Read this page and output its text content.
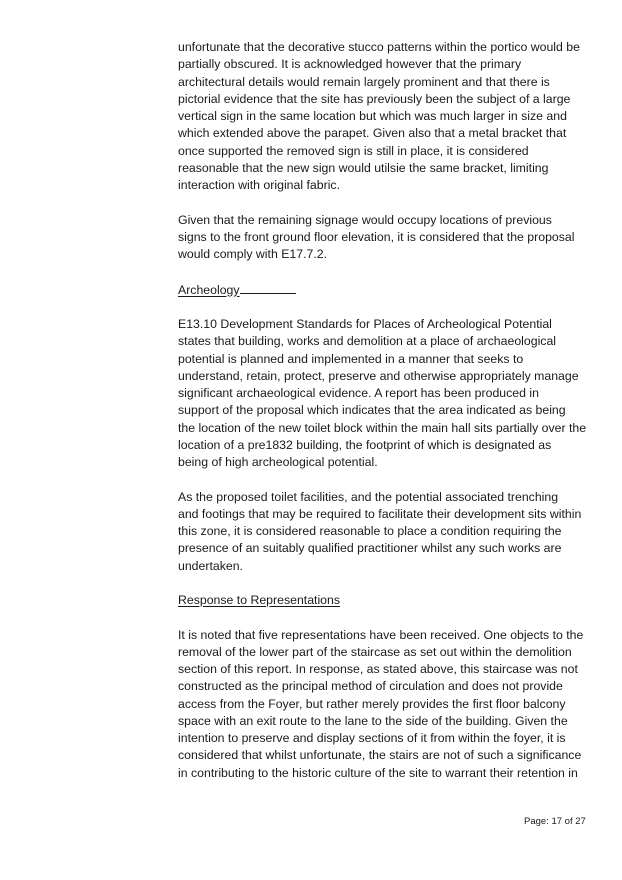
unfortunate that the decorative stucco patterns within the portico would be
partially obscured. It is acknowledged however that the primary
architectural details would remain largely prominent and that there is
pictorial evidence that the site has previously been the subject of a large
vertical sign in the same location but which was much larger in size and
which extended above the parapet. Given also that a metal bracket that
once supported the removed sign is still in place, it is considered
reasonable that the new sign would utilsie the same bracket, limiting
interaction with original fabric.
Given that the remaining signage would occupy locations of previous
signs to the front ground floor elevation, it is considered that the proposal
would comply with E17.7.2.
Archeology
E13.10 Development Standards for Places of Archeological Potential
states that building, works and demolition at a place of archaeological
potential is planned and implemented in a manner that seeks to
understand, retain, protect, preserve and otherwise appropriately manage
significant archaeological evidence. A report has been produced in
support of the proposal which indicates that the area indicated as being
the location of the new toilet block within the main hall sits partially over the
location of a pre1832 building, the footprint of which is designated as
being of high archeological potential.
As the proposed toilet facilities, and the potential associated trenching
and footings that may be required to facilitate their development sits within
this zone, it is considered reasonable to place a condition requiring the
presence of an suitably qualified practitioner whilst any such works are
undertaken.
Response to Representations
It is noted that five representations have been received. One objects to the
removal of the lower part of the staircase as set out within the demolition
section of this report. In response, as stated above, this staircase was not
constructed as the principal method of circulation and does not provide
access from the Foyer, but rather merely provides the first floor balcony
space with an exit route to the lane to the side of the building. Given the
intention to preserve and display sections of it from within the foyer, it is
considered that whilst unfortunate, the stairs are not of such a significance
in contributing to the historic culture of the site to warrant their retention in
Page: 17 of 27
